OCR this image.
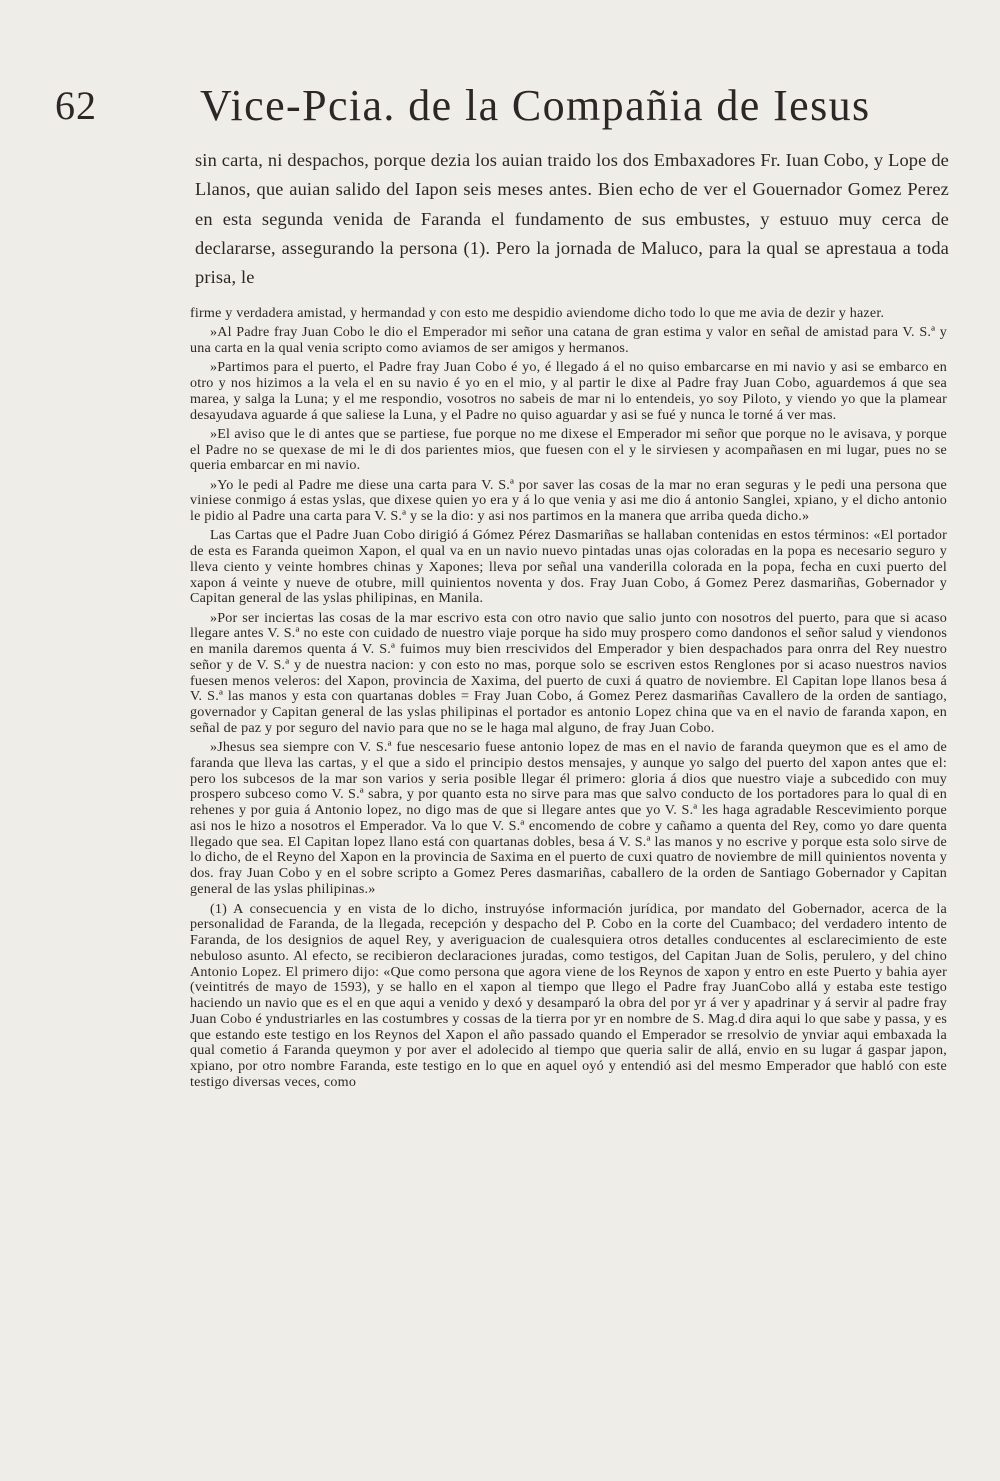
62 Vice-Pcia. de la Compañia de Iesus

sin carta, ni despachos, porque dezia los auian traido los dos Embaxadores Fr. Iuan Cobo, y Lope de Llanos, que auian salido del Iapon seis meses antes. Bien echo de ver el Gouernador Gomez Perez en esta segunda venida de Faranda el fundamento de sus embustes, y estuuo muy cerca de declararse, assegurando la persona (1). Pero la jornada de Maluco, para la qual se aprestaua a toda prisa, le

firme y verdadera amistad, y hermandad y con esto me despidio aviendome dicho todo lo que me avia de dezir y hazer.

»Al Padre fray Juan Cobo le dio el Emperador mi señor una catana de gran estima y valor en señal de amistad para V. S.ª y una carta en la qual venia scripto como aviamos de ser amigos y hermanos.

»Partimos para el puerto, el Padre fray Juan Cobo é yo, é llegado á el no quiso embarcarse en mi navio y asi se embarco en otro y nos hizimos a la vela el en su navio é yo en el mio, y al partir le dixe al Padre fray Juan Cobo, aguardemos á que sea marea, y salga la Luna; y el me respondio, vosotros no sabeis de mar ni lo entendeis, yo soy Piloto, y viendo yo que la plamear desayudava aguarde á que saliese la Luna, y el Padre no quiso aguardar y asi se fué y nunca le torné á ver mas.

»El aviso que le di antes que se partiese, fue porque no me dixese el Emperador mi señor que porque no le avisava, y porque el Padre no se quexase de mi le di dos parientes mios, que fuesen con el y le sirviesen y acompañasen en mi lugar, pues no se queria embarcar en mi navio.

»Yo le pedi al Padre me diese una carta para V. S.ª por saver las cosas de la mar no eran seguras y le pedi una persona que viniese conmigo á estas yslas, que dixese quien yo era y á lo que venia y asi me dio á antonio Sanglei, xpiano, y el dicho antonio le pidio al Padre una carta para V. S.ª y se la dio: y asi nos partimos en la manera que arriba queda dicho.»

Las Cartas que el Padre Juan Cobo dirigió á Gómez Pérez Dasmariñas se hallaban contenidas en estos términos: «El portador de esta es Faranda queimon Xapon, el qual va en un navio nuevo pintadas unas ojas coloradas en la popa es necesario seguro y lleva ciento y veinte hombres chinas y Xapones; lleva por señal una vanderilla colorada en la popa, fecha en cuxi puerto del xapon á veinte y nueve de otubre, mill quinientos noventa y dos. Fray Juan Cobo, á Gomez Perez dasmariñas, Gobernador y Capitan general de las yslas philipinas, en Manila.

»Por ser inciertas las cosas de la mar escrivo esta con otro navio que salio junto con nosotros del puerto, para que si acaso llegare antes V. S.ª no este con cuidado de nuestro viaje porque ha sido muy prospero como dandonos el señor salud y viendonos en manila daremos quenta á V. S.ª fuimos muy bien rrescividos del Emperador y bien despachados para onrra del Rey nuestro señor y de V. S.ª y de nuestra nacion: y con esto no mas, porque solo se escriven estos Renglones por si acaso nuestros navios fuesen menos veleros: del Xapon, provincia de Xaxima, del puerto de cuxi á quatro de noviembre. El Capitan lope llanos besa á V. S.ª las manos y esta con quartanas dobles = Fray Juan Cobo, á Gomez Perez dasmariñas Cavallero de la orden de santiago, governador y Capitan general de las yslas philipinas el portador es antonio Lopez china que va en el navio de faranda xapon, en señal de paz y por seguro del navio para que no se le haga mal alguno, de fray Juan Cobo.

»Jhesus sea siempre con V. S.ª fue nescesario fuese antonio lopez de mas en el navio de faranda queymon que es el amo de faranda que lleva las cartas, y el que a sido el principio destos mensajes, y aunque yo salgo del puerto del xapon antes que el: pero los subcesos de la mar son varios y seria posible llegar él primero: gloria á dios que nuestro viaje a subcedido con muy prospero subceso como V. S.ª sabra, y por quanto esta no sirve para mas que salvo conducto de los portadores para lo qual di en rehenes y por guia á Antonio lopez, no digo mas de que si llegare antes que yo V. S.ª les haga agradable Rescevimiento porque asi nos le hizo a nosotros el Emperador. Va lo que V. S.ª encomendo de cobre y cañamo a quenta del Rey, como yo dare quenta llegado que sea. El Capitan lopez llano está con quartanas dobles, besa á V. S.ª las manos y no escrive y porque esta solo sirve de lo dicho, de el Reyno del Xapon en la provincia de Saxima en el puerto de cuxi quatro de noviembre de mill quinientos noventa y dos. fray Juan Cobo y en el sobre scripto a Gomez Peres dasmariñas, caballero de la orden de Santiago Gobernador y Capitan general de las yslas philipinas.»

(1) A consecuencia y en vista de lo dicho, instruyóse información jurídica, por mandato del Gobernador, acerca de la personalidad de Faranda, de la llegada, recepción y despacho del P. Cobo en la corte del Cuambaco; del verdadero intento de Faranda, de los designios de aquel Rey, y averiguacion de cualesquiera otros detalles conducentes al esclarecimiento de este nebuloso asunto. Al efecto, se recibieron declaraciones juradas, como testigos, del Capitan Juan de Solis, perulero, y del chino Antonio Lopez. El primero dijo: «Que como persona que agora viene de los Reynos de xapon y entro en este Puerto y bahia ayer (veintitrés de mayo de 1593), y se hallo en el xapon al tiempo que llego el Padre fray JuanCobo allá y estaba este testigo haciendo un navio que es el en que aqui a venido y dexó y desamparó la obra del por yr á ver y apadrinar y á servir al padre fray Juan Cobo é yndustriarles en las costumbres y cossas de la tierra por yr en nombre de S. Mag.d dira aqui lo que sabe y passa, y es que estando este testigo en los Reynos del Xapon el año passado quando el Emperador se rresolvio de ynviar aqui embaxada la qual cometio á Faranda queymon y por aver el adolecido al tiempo que queria salir de allá, envio en su lugar á gaspar japon, xpiano, por otro nombre Faranda, este testigo en lo que en aquel oyó y entendió asi del mesmo Emperador que habló con este testigo diversas veces, como
